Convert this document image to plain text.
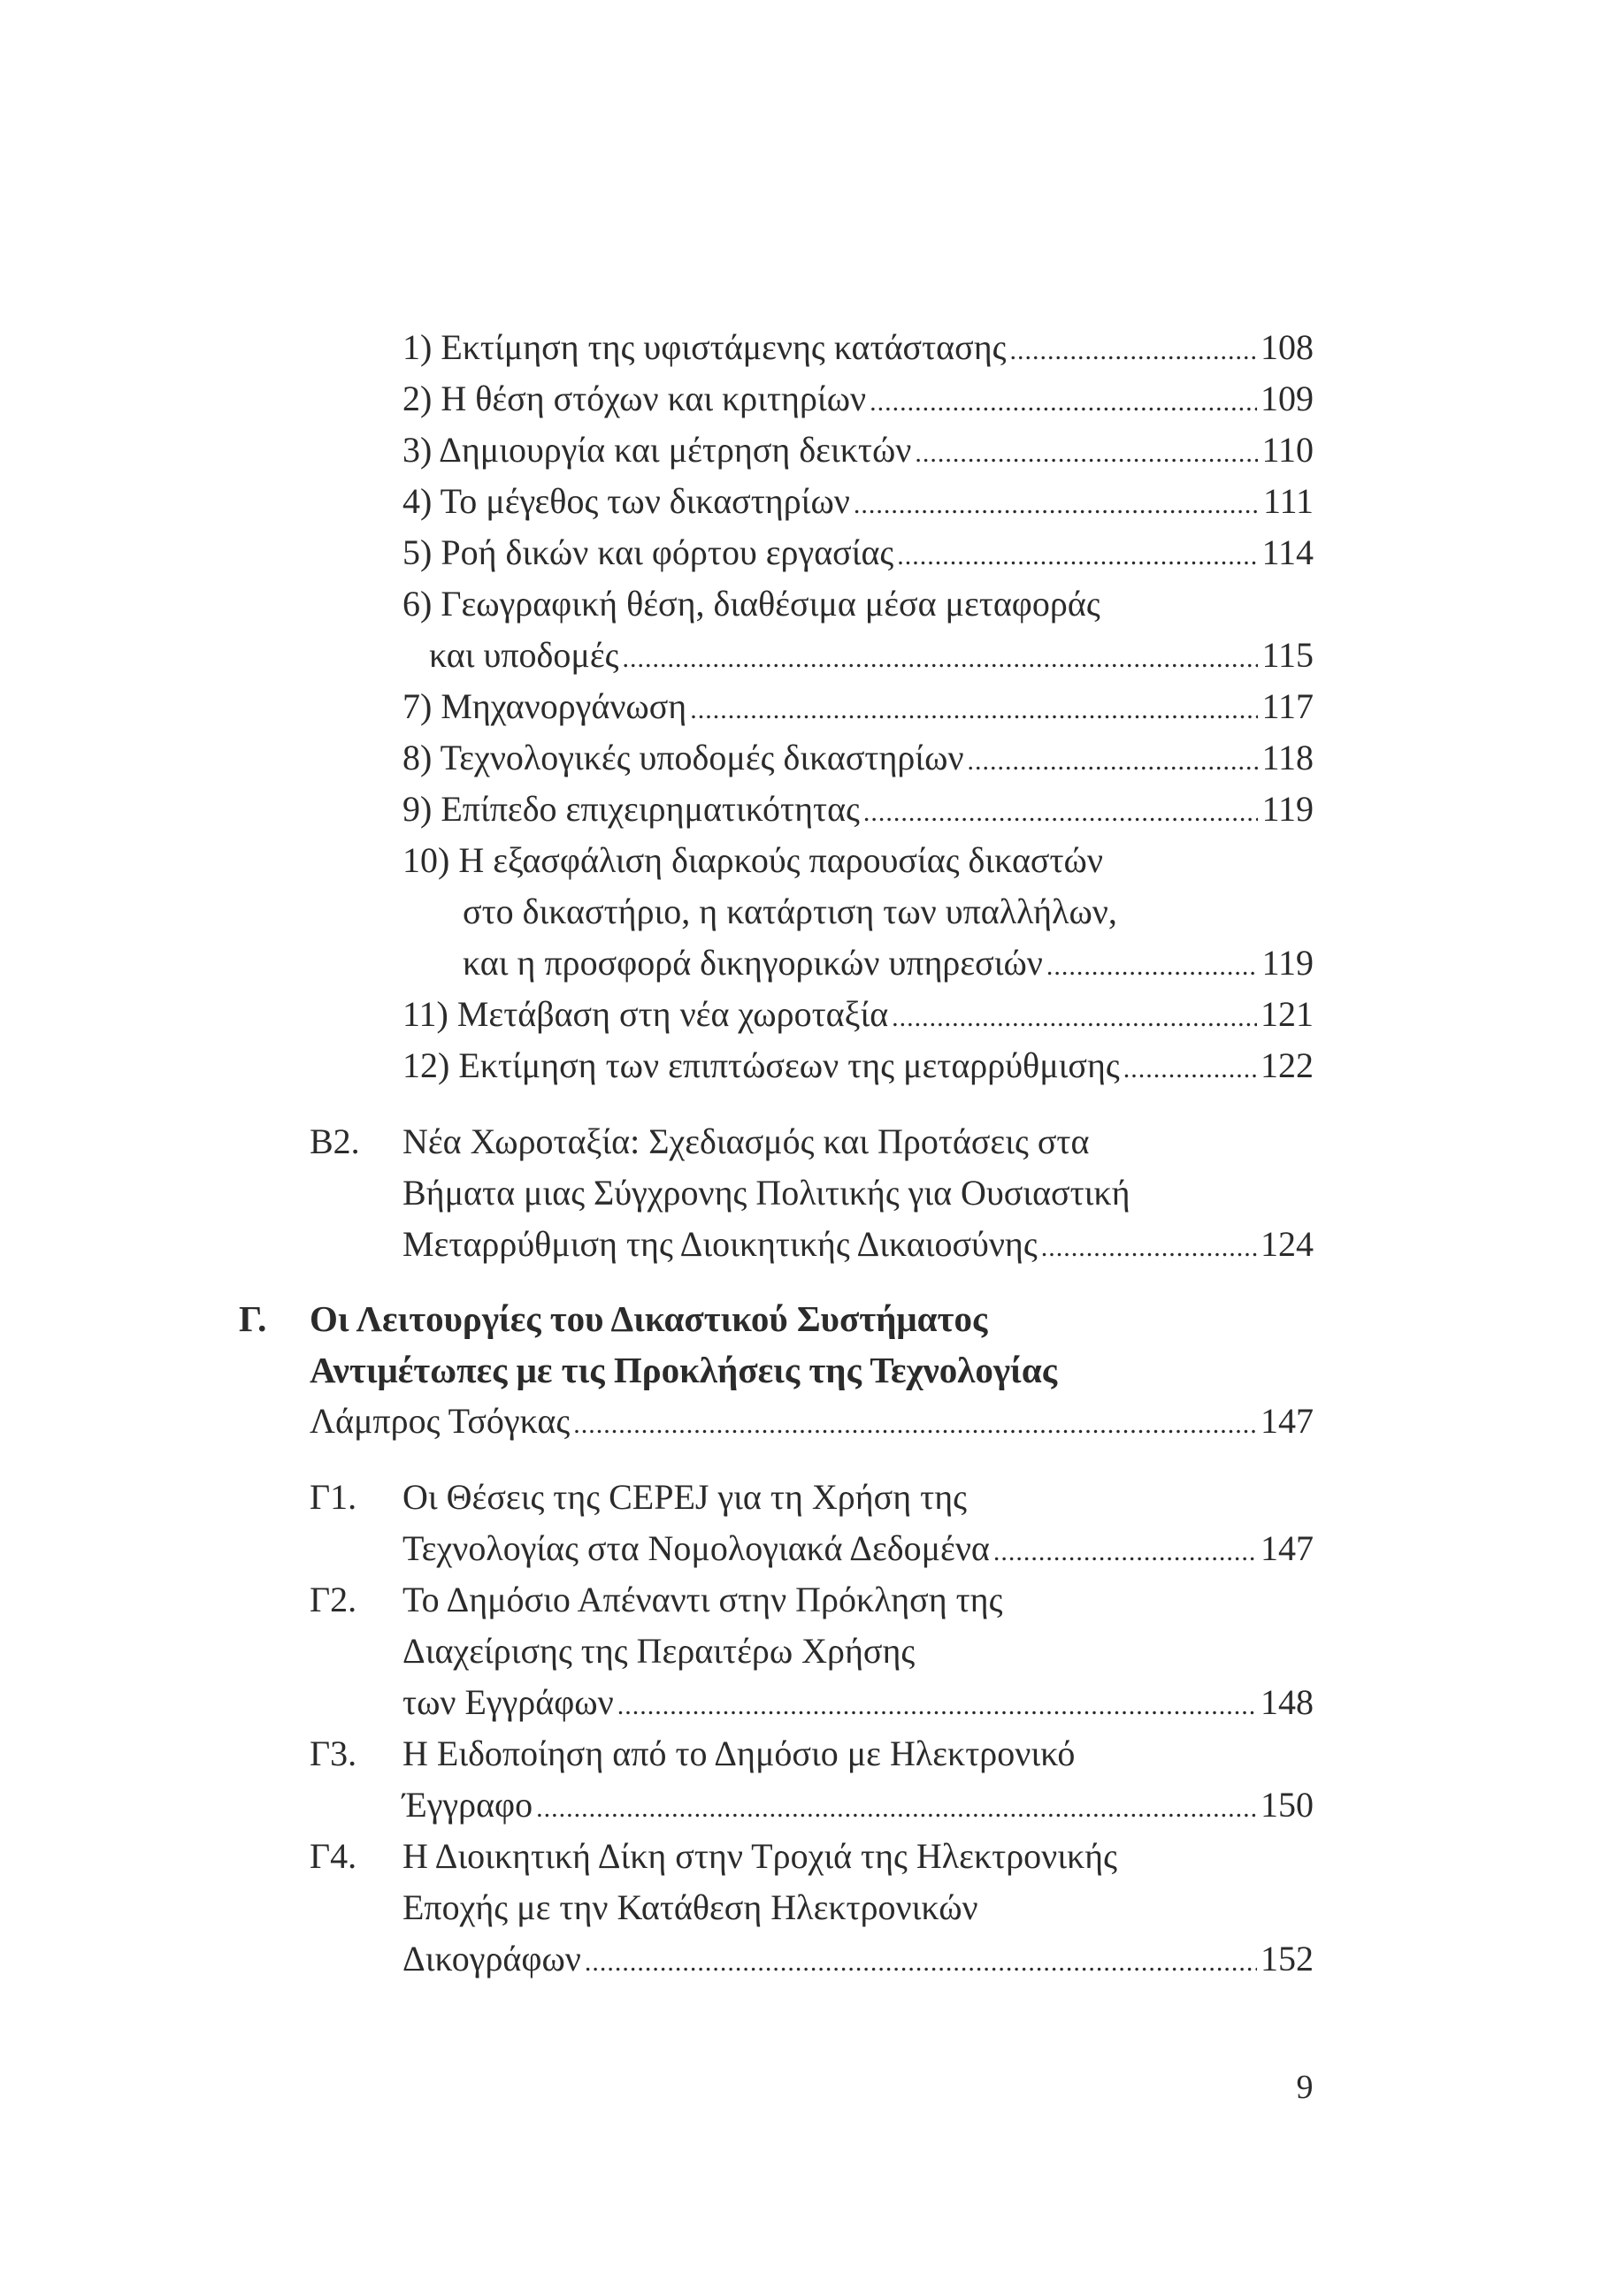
1) Εκτίμηση της υφιστάμενης κατάστασης .....	108
2) Η θέση στόχων και κριτηρίων .....	109
3) Δημιουργία και μέτρηση δεικτών .....	110
4) Το μέγεθος των δικαστηρίων .....	111
5) Ροή δικών και φόρτου εργασίας .....	114
6) Γεωγραφική θέση, διαθέσιμα μέσα μεταφοράς
και υποδομές .....	115
7) Μηχανοργάνωση .....	117
8) Τεχνολογικές υποδομές δικαστηρίων .....	118
9) Επίπεδο επιχειρηματικότητας .....	119
10) Η εξασφάλιση διαρκούς παρουσίας δικαστών
στο δικαστήριο, η κατάρτιση των υπαλλήλων,
και η προσφορά δικηγορικών υπηρεσιών .....	119
11) Μετάβαση στη νέα χωροταξία .....	121
12) Εκτίμηση των επιπτώσεων της μεταρρύθμισης .....	122
Β2. Νέα Χωροταξία: Σχεδιασμός και Προτάσεις στα
Βήματα μιας Σύγχρονης Πολιτικής για Ουσιαστική
Μεταρρύθμιση της Διοικητικής Δικαιοσύνης .....	124
Γ. Οι Λειτουργίες του Δικαστικού Συστήματος
Αντιμέτωπες με τις Προκλήσεις της Τεχνολογίας
Λάμπρος Τσόγκας .....	147
Γ1. Οι Θέσεις της CEPEJ για τη Χρήση της
Τεχνολογίας στα Νομολογιακά Δεδομένα .....	147
Γ2. Το Δημόσιο Απέναντι στην Πρόκληση της
Διαχείρισης της Περαιτέρω Χρήσης
των Εγγράφων .....	148
Γ3. Η Ειδοποίηση από το Δημόσιο με Ηλεκτρονικό
Έγγραφο .....	150
Γ4. Η Διοικητική Δίκη στην Τροχιά της Ηλεκτρονικής
Εποχής με την Κατάθεση Ηλεκτρονικών
Δικογράφων .....	152
9
